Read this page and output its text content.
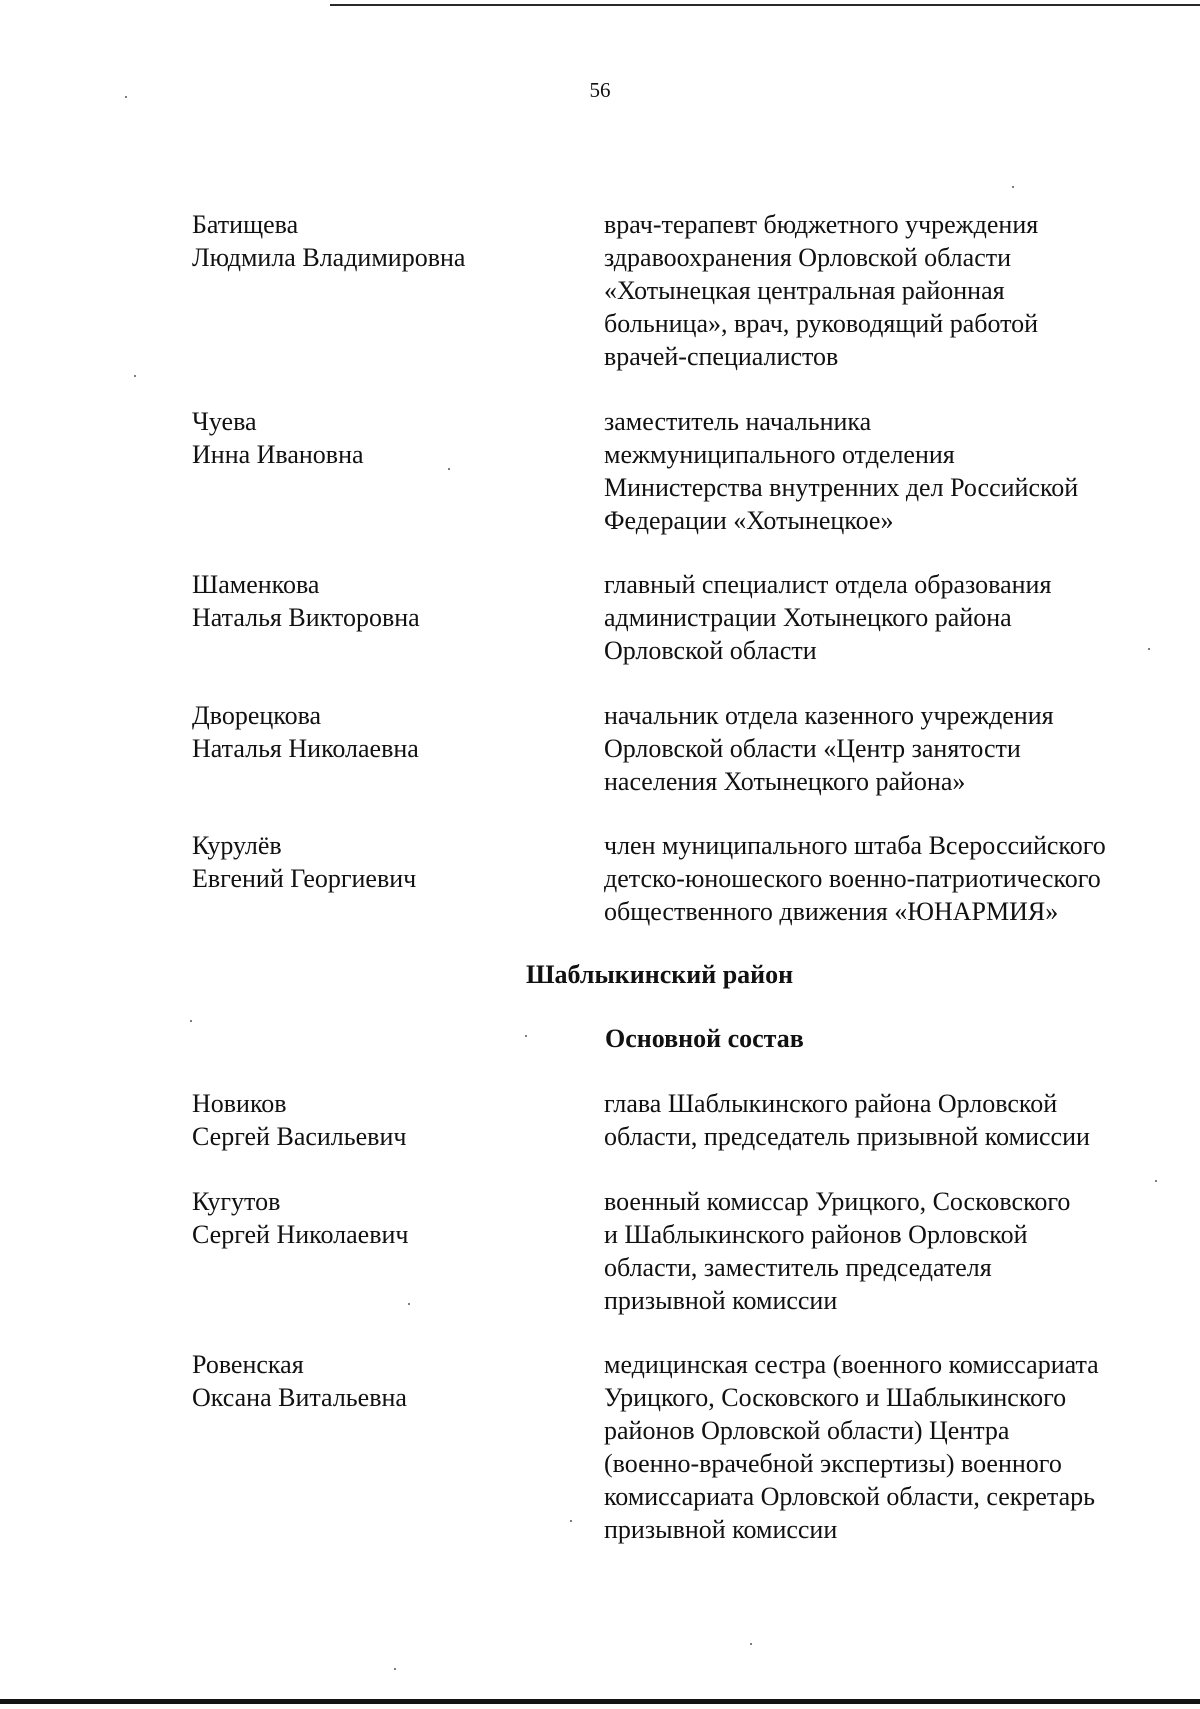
56
Батищева
Людмила Владимировна
врач-терапевт бюджетного учреждения
здравоохранения Орловской области
«Хотынецкая центральная районная
больница», врач, руководящий работой
врачей-специалистов
Чуева
Инна Ивановна
заместитель начальника
межмуниципального отделения
Министерства внутренних дел Российской
Федерации «Хотынецкое»
Шаменкова
Наталья Викторовна
главный специалист отдела образования
администрации Хотынецкого района
Орловской области
Дворецкова
Наталья Николаевна
начальник отдела казенного учреждения
Орловской области «Центр занятости
населения Хотынецкого района»
Курулёв
Евгений Георгиевич
член муниципального штаба Всероссийского
детско-юношеского военно-патриотического
общественного движения «ЮНАРМИЯ»
Шаблыкинский район
Основной состав
Новиков
Сергей Васильевич
глава Шаблыкинского района Орловской
области, председатель призывной комиссии
Кугутов
Сергей Николаевич
военный комиссар Урицкого, Сосковского
и Шаблыкинского районов Орловской
области, заместитель председателя
призывной комиссии
Ровенская
Оксана Витальевна
медицинская сестра (военного комиссариата
Урицкого, Сосковского и Шаблыкинского
районов Орловской области) Центра
(военно-врачебной экспертизы) военного
комиссариата Орловской области, секретарь
призывной комиссии
